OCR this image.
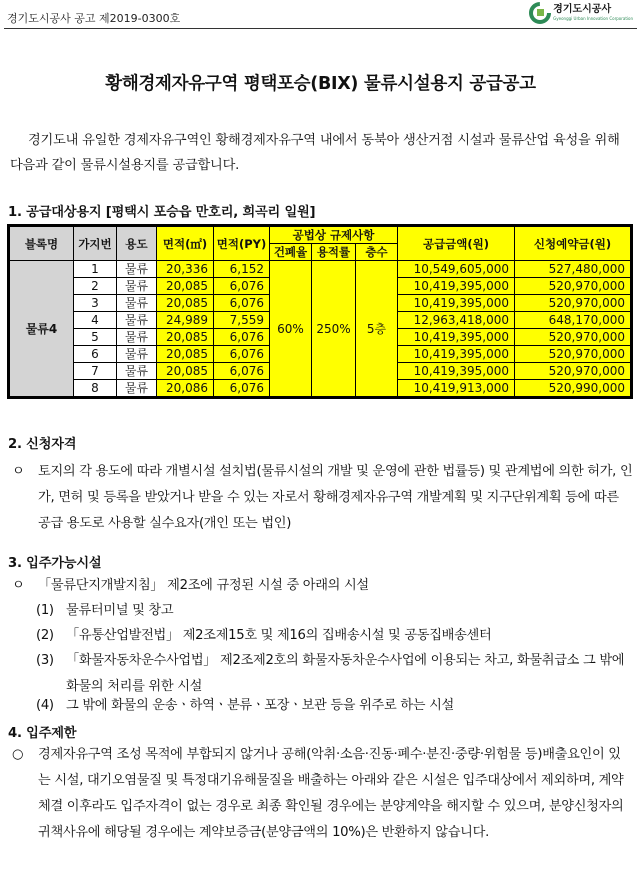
경기도시공사 공고 제2019-0300호
경기도시공사
Gyeonggi Urban Innovation Corporation
황해경제자유구역 평택포승(BIX) 물류시설용지 공급공고
경기도내 유일한 경제자유구역인 황해경제자유구역 내에서 동북아 생산거점 시설과 물류산업 육성을 위해 다음과 같이 물류시설용지를 공급합니다.
1. 공급대상용지 [평택시 포승읍 만호리, 희곡리 일원]
블록명	가지번	용도	면적(㎡)	면적(PY)	공법상 규제사항			공급금액(원)	신청예약금(원)
					건폐율	용적률	층수		
물류4	1	물류	20,336	6,152	60%	250%	5층	10,549,605,000	527,480,000
	2	물류	20,085	6,076				10,419,395,000	520,970,000
	3	물류	20,085	6,076				10,419,395,000	520,970,000
	4	물류	24,989	7,559				12,963,418,000	648,170,000
	5	물류	20,085	6,076				10,419,395,000	520,970,000
	6	물류	20,085	6,076				10,419,395,000	520,970,000
	7	물류	20,085	6,076				10,419,395,000	520,970,000
	8	물류	20,086	6,076				10,419,913,000	520,990,000
2. 신청자격
ㅇ	토지의 각 용도에 따라 개별시설 설치법(물류시설의 개발 및 운영에 관한 법률등) 및 관계법에 의한 허가, 인가, 면허 및 등록을 받았거나 받을 수 있는 자로서 황해경제자유구역 개발계획 및 지구단위계획 등에 따른 공급 용도로 사용할 실수요자(개인 또는 법인)
3. 입주가능시설
ㅇ	「물류단지개발지침」 제2조에 규정된 시설 중 아래의 시설
(1) 물류터미널 및 창고
(2) 「유통산업발전법」 제2조제15호 및 제16의 집배송시설 및 공동집배송센터
(3) 「화물자동차운수사업법」 제2조제2호의 화물자동차운수사업에 이용되는 차고, 화물취급소 그 밖에 화물의 처리를 위한 시설
(4) 그 밖에 화물의 운송ㆍ하역ㆍ분류ㆍ포장ㆍ보관 등을 위주로 하는 시설
4. 입주제한
○	경제자유구역 조성 목적에 부합되지 않거나 공해(악취·소음·진동·폐수·분진·중량·위험물 등)배출요인이 있는 시설, 대기오염물질 및 특정대기유해물질을 배출하는 아래와 같은 시설은 입주대상에서 제외하며, 계약체결 이후라도 입주자격이 없는 경우로 최종 확인될 경우에는 분양계약을 해지할 수 있으며, 분양신청자의 귀책사유에 해당될 경우에는 계약보증금(분양금액의 10%)은 반환하지 않습니다.
